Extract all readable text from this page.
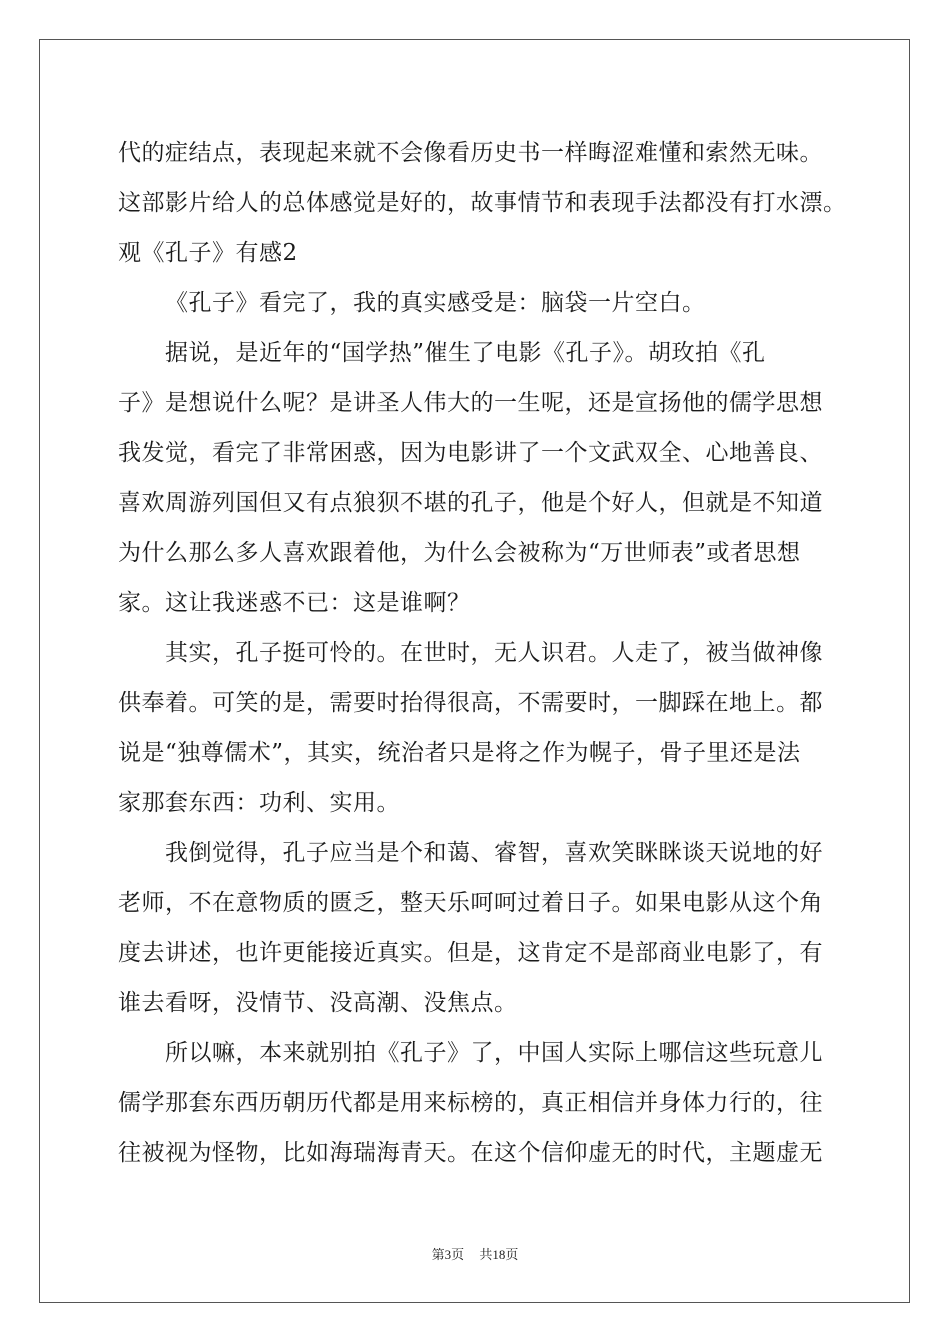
代的症结点，表现起来就不会像看历史书一样晦涩难懂和索然无味。
这部影片给人的总体感觉是好的，故事情节和表现手法都没有打水漂。
观《孔子》有感2
《孔子》看完了，我的真实感受是：脑袋一片空白。
据说，是近年的“国学热”催生了电影《孔子》。胡玫拍《孔
子》是想说什么呢？是讲圣人伟大的一生呢，还是宣扬他的儒学思想
我发觉，看完了非常困惑，因为电影讲了一个文武双全、心地善良、
喜欢周游列国但又有点狼狈不堪的孔子，他是个好人，但就是不知道
为什么那么多人喜欢跟着他，为什么会被称为“万世师表”或者思想
家。这让我迷惑不已：这是谁啊？
其实，孔子挺可怜的。在世时，无人识君。人走了，被当做神像
供奉着。可笑的是，需要时抬得很高，不需要时，一脚踩在地上。都
说是“独尊儒术”，其实，统治者只是将之作为幌子，骨子里还是法
家那套东西：功利、实用。
我倒觉得，孔子应当是个和蔼、睿智，喜欢笑眯眯谈天说地的好
老师，不在意物质的匮乏，整天乐呵呵过着日子。如果电影从这个角
度去讲述，也许更能接近真实。但是，这肯定不是部商业电影了，有
谁去看呀，没情节、没高潮、没焦点。
所以嘛，本来就别拍《孔子》了，中国人实际上哪信这些玩意儿
儒学那套东西历朝历代都是用来标榜的，真正相信并身体力行的，往
往被视为怪物，比如海瑞海青天。在这个信仰虚无的时代，主题虚无
第3页 共18页
